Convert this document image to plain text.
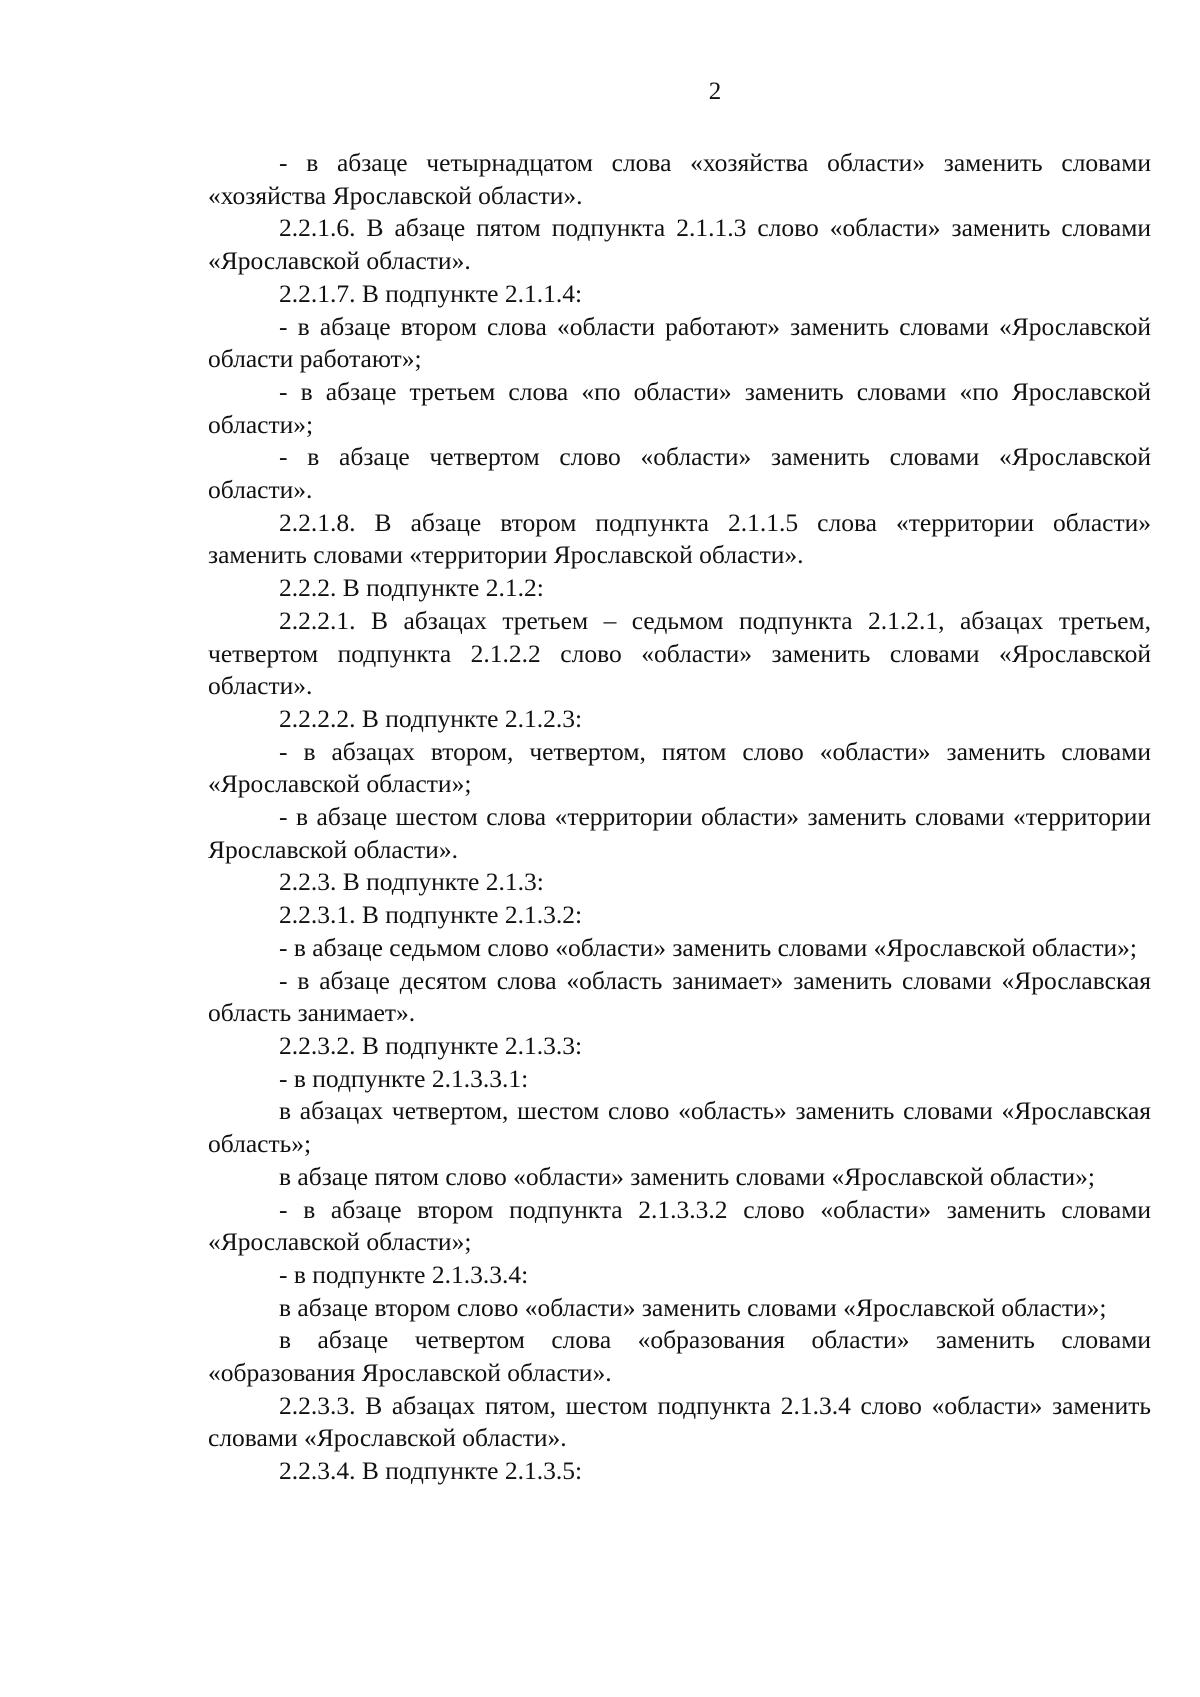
2

- в абзаце четырнадцатом слова «хозяйства области» заменить словами «хозяйства Ярославской области».

2.2.1.6. В абзаце пятом подпункта 2.1.1.3 слово «области» заменить словами «Ярославской области».

2.2.1.7. В подпункте 2.1.1.4:

- в абзаце втором слова «области работают» заменить словами «Ярославской области работают»;

- в абзаце третьем слова «по области» заменить словами «по Ярославской области»;

- в абзаце четвертом слово «области» заменить словами «Ярославской области».

2.2.1.8. В абзаце втором подпункта 2.1.1.5 слова «территории области» заменить словами «территории Ярославской области».

2.2.2. В подпункте 2.1.2:

2.2.2.1. В абзацах третьем – седьмом подпункта 2.1.2.1, абзацах третьем, четвертом подпункта 2.1.2.2 слово «области» заменить словами «Ярославской области».

2.2.2.2. В подпункте 2.1.2.3:

- в абзацах втором, четвертом, пятом слово «области» заменить словами «Ярославской области»;

- в абзаце шестом слова «территории области» заменить словами «территории Ярославской области».

2.2.3. В подпункте 2.1.3:

2.2.3.1. В подпункте 2.1.3.2:

- в абзаце седьмом слово «области» заменить словами «Ярославской области»;

- в абзаце десятом слова «область занимает» заменить словами «Ярославская область занимает».

2.2.3.2. В подпункте 2.1.3.3:

- в подпункте 2.1.3.3.1:

в абзацах четвертом, шестом слово «область» заменить словами «Ярославская область»;

в абзаце пятом слово «области» заменить словами «Ярославской области»;

- в абзаце втором подпункта 2.1.3.3.2 слово «области» заменить словами «Ярославской области»;

- в подпункте 2.1.3.3.4:

в абзаце втором слово «области» заменить словами «Ярославской области»;

в абзаце четвертом слова «образования области» заменить словами «образования Ярославской области».

2.2.3.3. В абзацах пятом, шестом подпункта 2.1.3.4 слово «области» заменить словами «Ярославской области».

2.2.3.4. В подпункте 2.1.3.5:
